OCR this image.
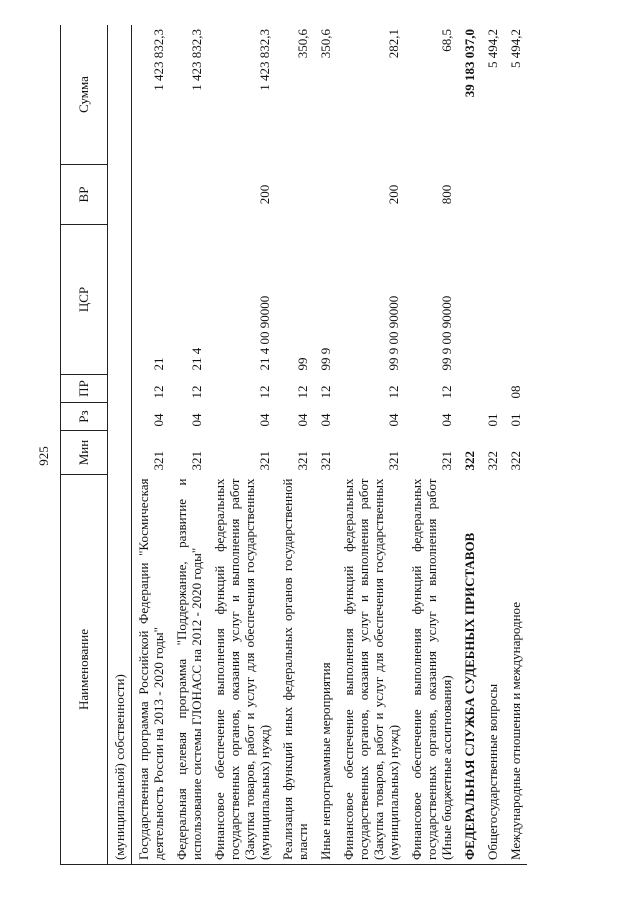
925
Наименование	Мин	Рз	ПР	ЦСР	ВР	Сумма
(муниципальной) собственности)						
Государственная программа Российской Федерации "Космическая деятельность России на 2013 - 2020 годы"	321	04	12	21		1 423 832,3
Федеральная целевая программа "Поддержание, развитие и использование системы ГЛОНАСС на 2012 - 2020 годы"	321	04	12	21 4		1 423 832,3
Финансовое обеспечение выполнения функций федеральных государственных органов, оказания услуг и выполнения работ (Закупка товаров, работ и услуг для обеспечения государственных (муниципальных) нужд)	321	04	12	21 4 00 90000	200	1 423 832,3
Реализация функций иных федеральных органов государственной власти	321	04	12	99		350,6
Иные непрограммные мероприятия	321	04	12	99 9		350,6
Финансовое обеспечение выполнения функций федеральных государственных органов, оказания услуг и выполнения работ (Закупка товаров, работ и услуг для обеспечения государственных (муниципальных) нужд)	321	04	12	99 9 00 90000	200	282,1
Финансовое обеспечение выполнения функций федеральных государственных органов, оказания услуг и выполнения работ (Иные бюджетные ассигнования)	321	04	12	99 9 00 90000	800	68,5
ФЕДЕРАЛЬНАЯ СЛУЖБА СУДЕБНЫХ ПРИСТАВОВ	322					39 183 037,0
Общегосударственные вопросы	322	01				5 494,2
Международные отношения и международное	322	01	08			5 494,2
